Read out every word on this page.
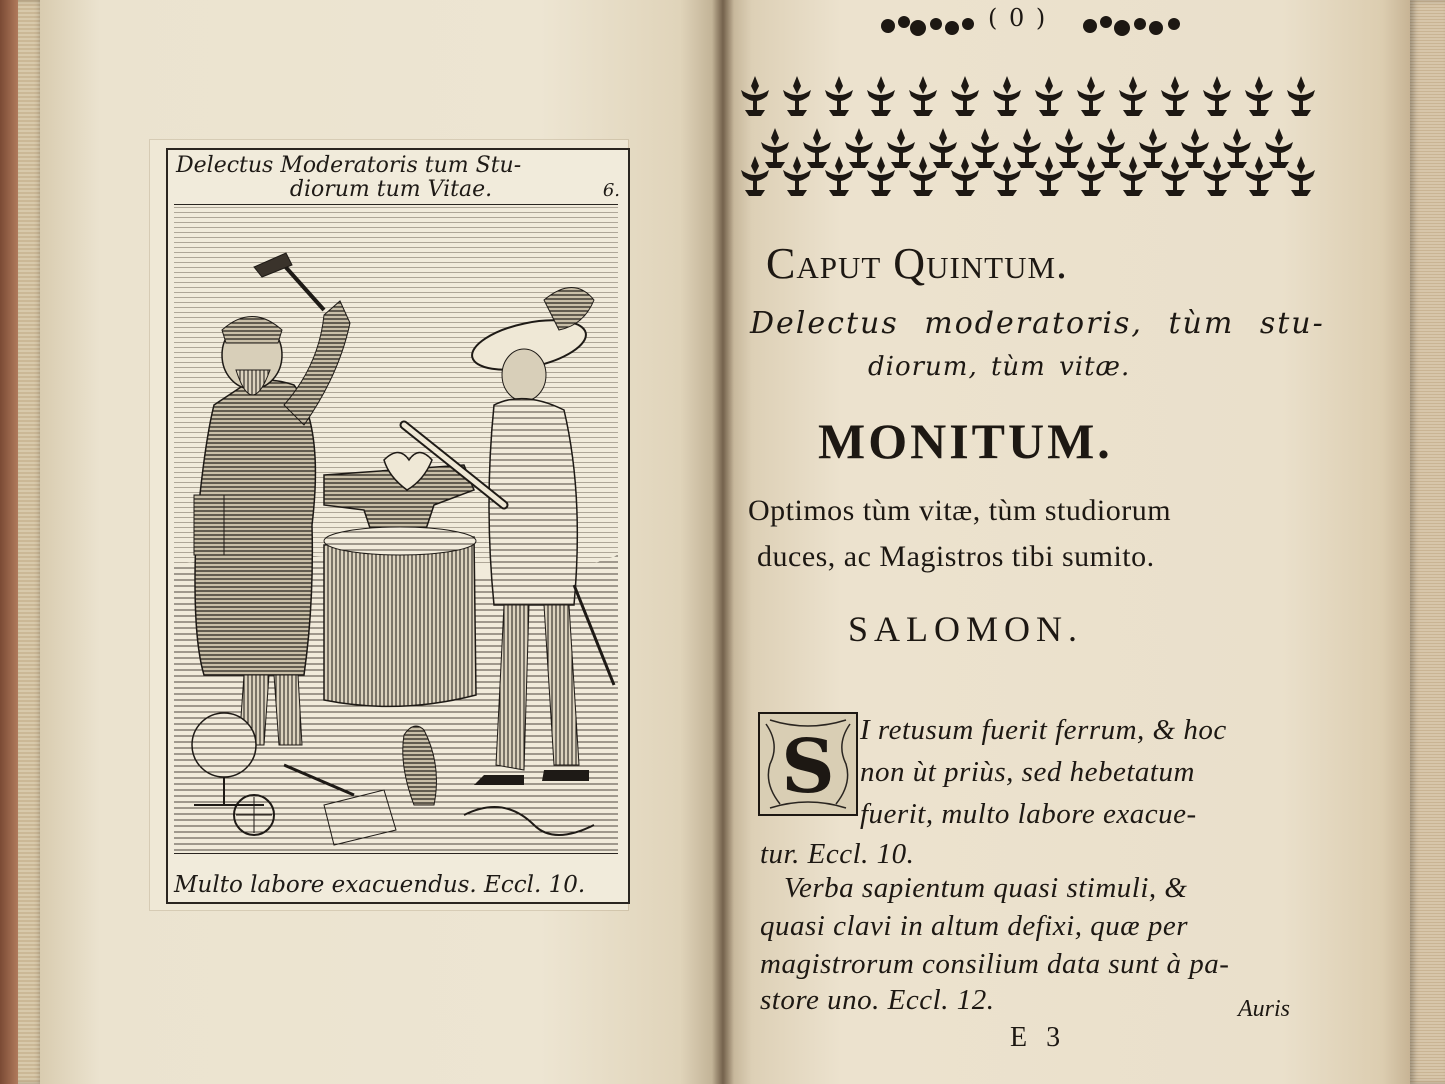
Delectus Moderatoris tum Stu-
diorum tum Vitae.	6.
Multo labore exacuendus. Eccl. 10.
( 0 )
Caput Quintum.
Delectus moderatoris, tùm stu-
diorum, tùm vitæ.
MONITUM.
Optimos tùm vitæ, tùm studiorum
duces, ac Magistros tibi sumito.
SALOMON.
S I retusum fuerit ferrum, & hoc
non ùt priùs, sed hebetatum
fuerit, multo labore exacue-
tur. Eccl. 10.
Verba sapientum quasi stimuli, &
quasi clavi in altum defixi, quæ per
magistrorum consilium data sunt à pa-
store uno. Eccl. 12.	Auris
E 3
